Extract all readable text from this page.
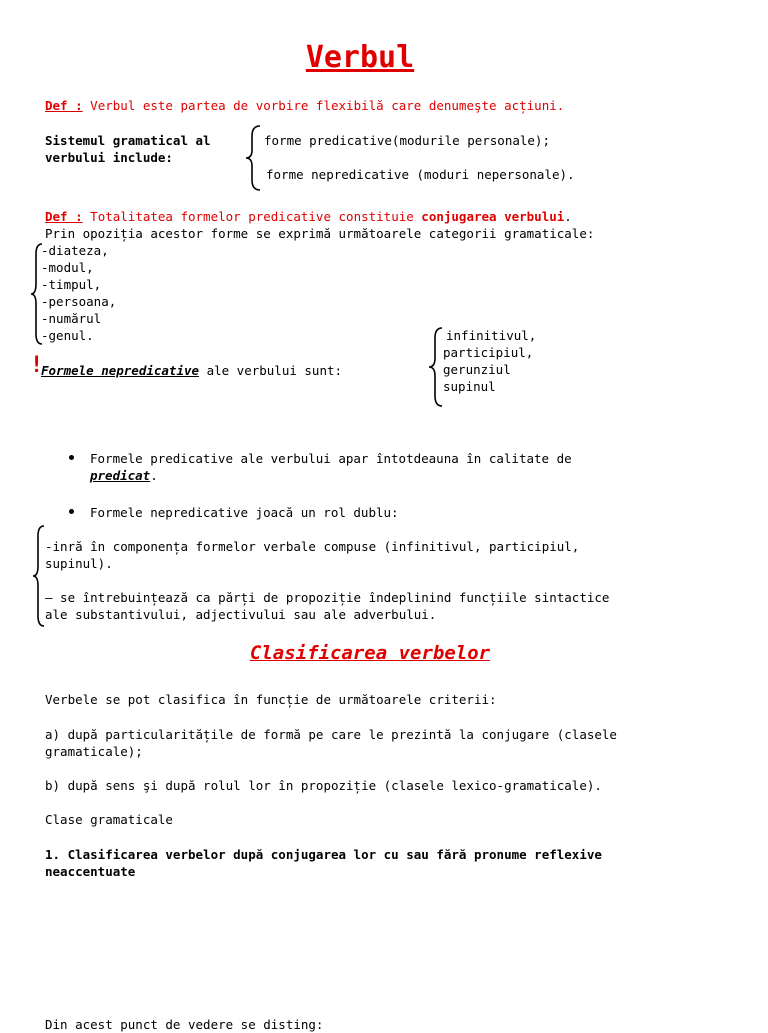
Verbul
Def : Verbul este partea de vorbire flexibilă care denumeşte acțiuni.
Sistemul gramatical al
verbului include:
forme predicative(modurile personale);
forme nepredicative (moduri nepersonale).
Def : Totalitatea formelor predicative constituie conjugarea verbului.
Prin opoziția acestor forme se exprimă următoarele categorii gramaticale:
-diateza,
-modul,
-timpul,
-persoana,
-numărul
-genul.
!
Formele nepredicative ale verbului sunt:
infinitivul,
participiul,
gerunziul
supinul
Formele predicative ale verbului apar întotdeauna în calitate de
predicat.
Formele nepredicative joacă un rol dublu:
-inră în componența formelor verbale compuse (infinitivul, participiul,
supinul).
– se întrebuințează ca părți de propoziție îndeplinind funcțiile sintactice
ale substantivului, adjectivului sau ale adverbului.
Clasificarea verbelor
Verbele se pot clasifica în funcție de următoarele criterii:
a) după particularitățile de formă pe care le prezintă la conjugare (clasele
gramaticale);
b) după sens şi după rolul lor în propoziție (clasele lexico-gramaticale).
Clase gramaticale
1. Clasificarea verbelor după conjugarea lor cu sau fără pronume reflexive
neaccentuate
Din acest punct de vedere se disting:
